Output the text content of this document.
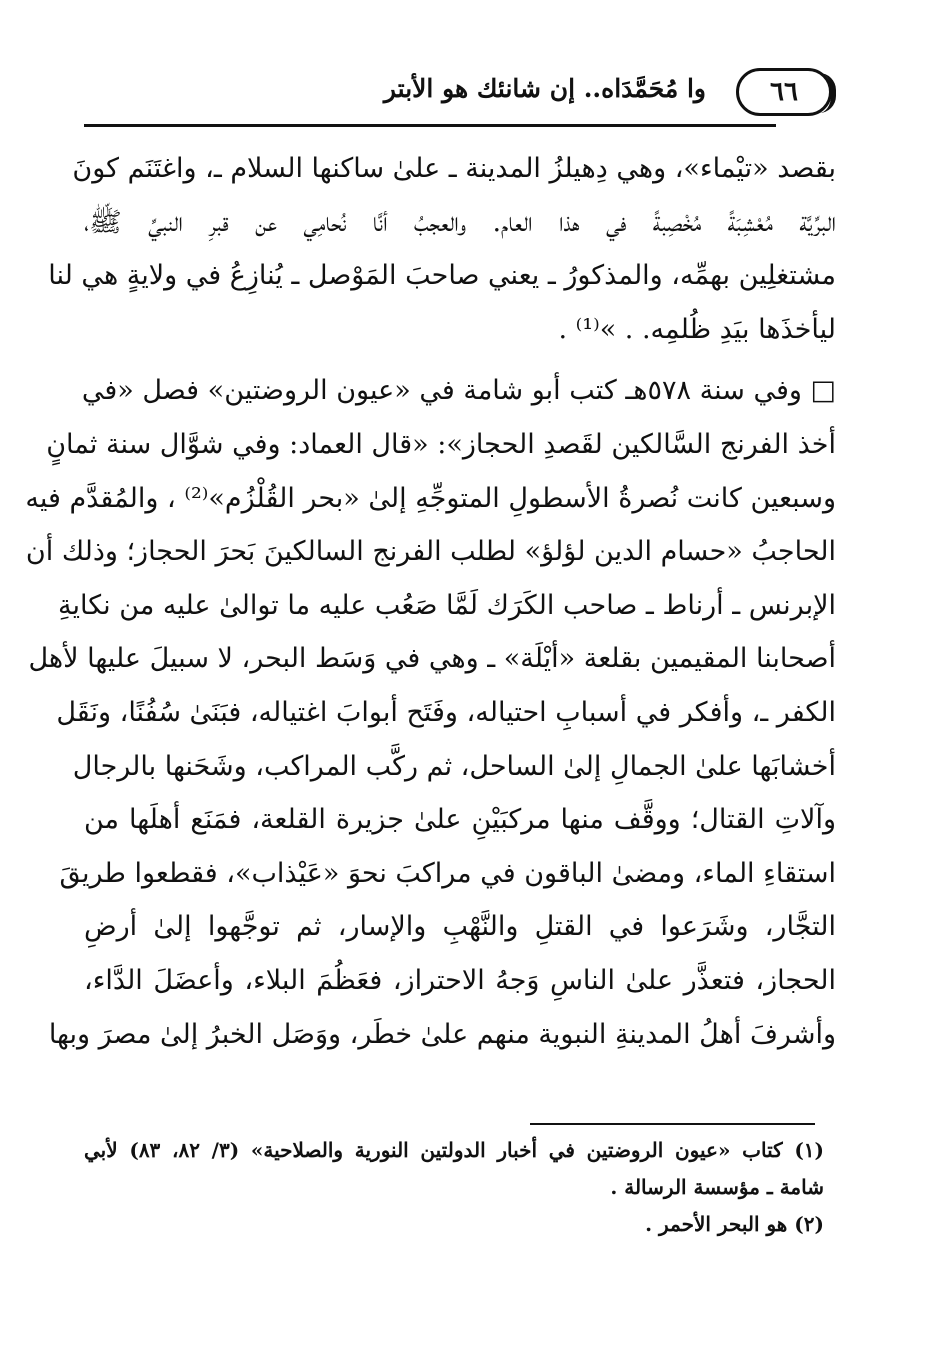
وا مُحَمَّدَاه.. إن شانئك هو الأبتر ٦٦
بقصد «تيْماء»، وهي دِهيلزُ المدينة ـ علىٰ ساكنها السلام ـ، واغتَنَم كونَ
البرِّيَّة مُعْشِبَةً مُخْصِبةً في هذا العام. والعجبُ أنَّا نُحامِي عن قبرِ النبيِّ ﷺ،
مشتغلِين بهمِّه، والمذكورُ ـ يعني صاحبَ المَوْصل ـ يُنازِعُ في ولايةٍ هي لنا
ليأخذَها بيَدِ ظُلمِه. . »⁽¹⁾ .
□ وفي سنة ٥٧٨هـ كتب أبو شامة في «عيون الروضتين» فصل «في
أخذ الفرنج السَّالكين لقَصدِ الحجاز»: «قال العماد: وفي شوَّال سنة ثمانٍ
وسبعين كانت نُصرةُ الأسطولِ المتوجِّهِ إلىٰ «بحر القُلْزُم»⁽²⁾ ، والمُقدَّم فيه
الحاجبُ «حسام الدين لؤلؤ» لطلب الفرنج السالكينَ بَحرَ الحجاز؛ وذلك أن
الإبرنس ـ أرناط ـ صاحب الكَرَك لَمَّا صَعُب عليه ما توالىٰ عليه من نكايةِ
أصحابنا المقيمين بقلعة «أيْلَة» ـ وهي في وَسَط البحر، لا سبيلَ عليها لأهل
الكفر ـ، وأفكر في أسبابِ احتياله، وفَتَح أبوابَ اغتياله، فبَنَىٰ سُفُنًا، ونَقَل
أخشابَها علىٰ الجمالِ إلىٰ الساحل، ثم ركَّب المراكب، وشَحَنها بالرجال
وآلاتِ القتال؛ ووقَّف منها مركبَيْنِ علىٰ جزيرة القلعة، فمَنَع أهلَها من
استقاءِ الماء، ومضىٰ الباقون في مراكبَ نحوَ «عَيْذاب»، فقطعوا طريقَ
التجَّار، وشَرَعوا في القتلِ والنَّهْبِ والإسار، ثم توجَّهوا إلىٰ أرضِ
الحجاز، فتعذَّر علىٰ الناسِ وَجهُ الاحتراز، فعَظُمَ البلاء، وأعضَلَ الدَّاء،
وأشرفَ أهلُ المدينةِ النبوية منهم علىٰ خطَر، ووَصَل الخبرُ إلىٰ مصرَ وبها
(١) كتاب «عيون الروضتين في أخبار الدولتين النورية والصلاحية» (٣/ ٨٢، ٨٣) لأبي
شامة ـ مؤسسة الرسالة .
(٢) هو البحر الأحمر .
